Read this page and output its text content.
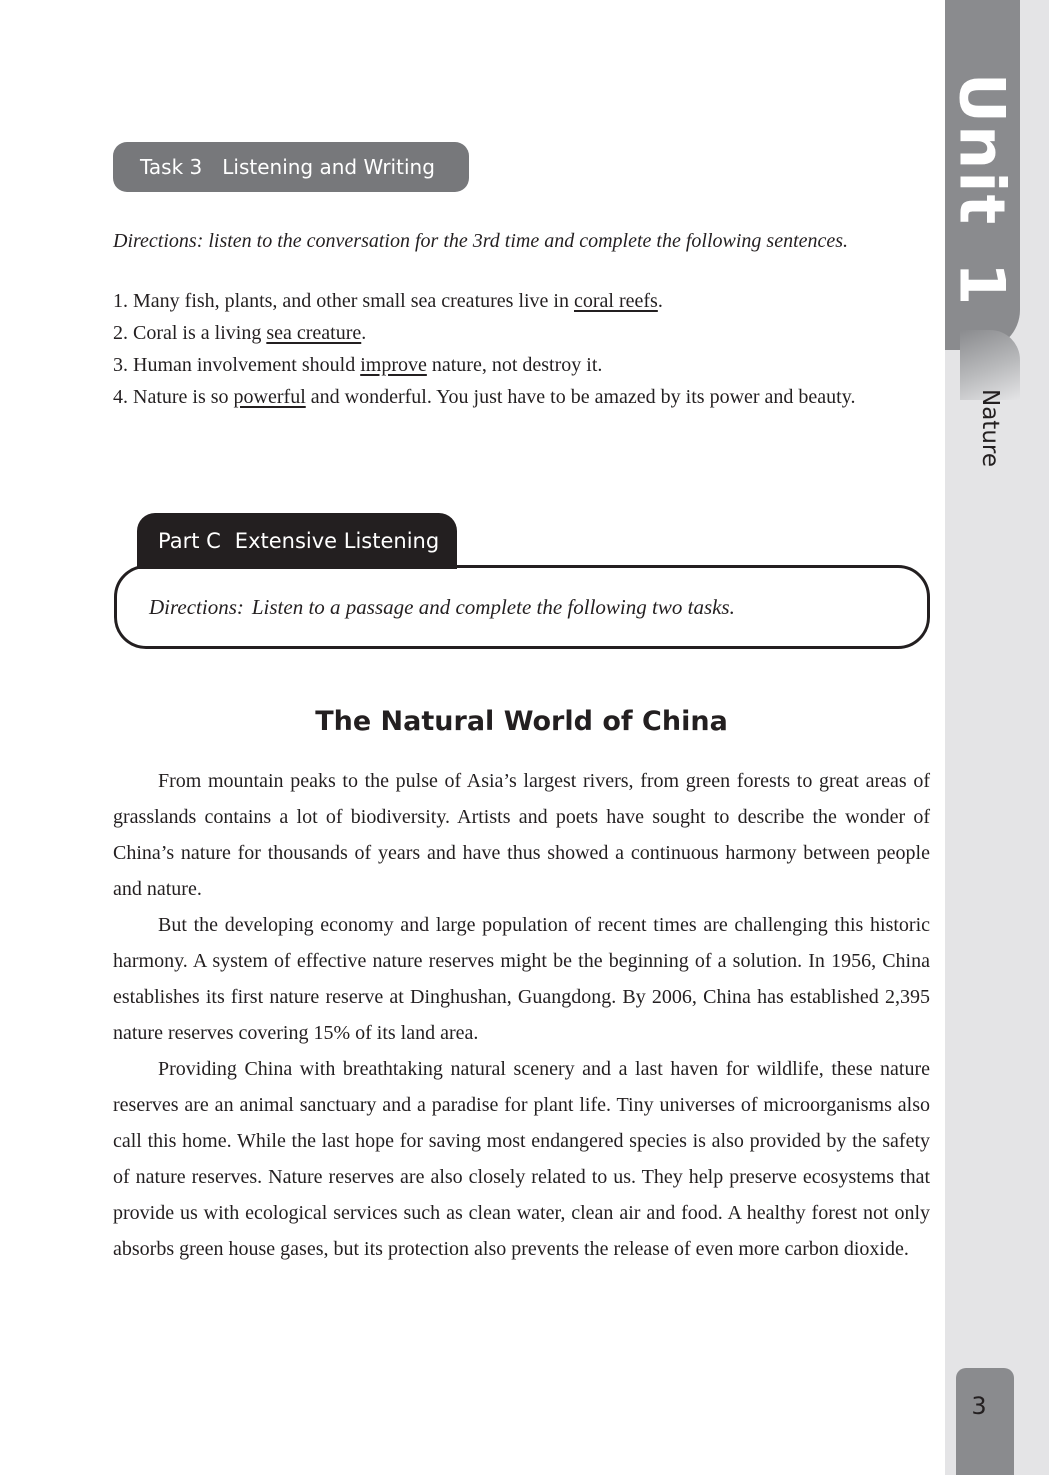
Unit1
Nature
3
Task 3 Listening and Writing
Directions: listen to the conversation for the 3rd time and complete the following sentences.
1. Many fish, plants, and other small sea creatures live in coral reefs.
2. Coral is a living sea creature.
3. Human involvement should improve nature, not destroy it.
4. Nature is so powerful and wonderful. You just have to be amazed by its power and beauty.
Part C Extensive Listening
Directions: Listen to a passage and complete the following two tasks.
The Natural World of China

From mountain peaks to the pulse of Asia’s largest rivers, from green forests to great areas of grasslands contains a lot of biodiversity. Artists and poets have sought to describe the wonder of China’s nature for thousands of years and have thus showed a continuous harmony between people and nature.

But the developing economy and large population of recent times are challenging this historic harmony. A system of effective nature reserves might be the beginning of a solution. In 1956, China establishes its first nature reserve at Dinghushan, Guangdong. By 2006, China has established 2,395 nature reserves covering 15% of its land area.

Providing China with breathtaking natural scenery and a last haven for wildlife, these nature reserves are an animal sanctuary and a paradise for plant life. Tiny universes of microorganisms also call this home. While the last hope for saving most endangered species is also provided by the safety of nature reserves. Nature reserves are also closely related to us. They help preserve ecosystems that provide us with ecological services such as clean water, clean air and food. A healthy forest not only absorbs green house gases, but its protection also prevents the release of even more carbon dioxide.
